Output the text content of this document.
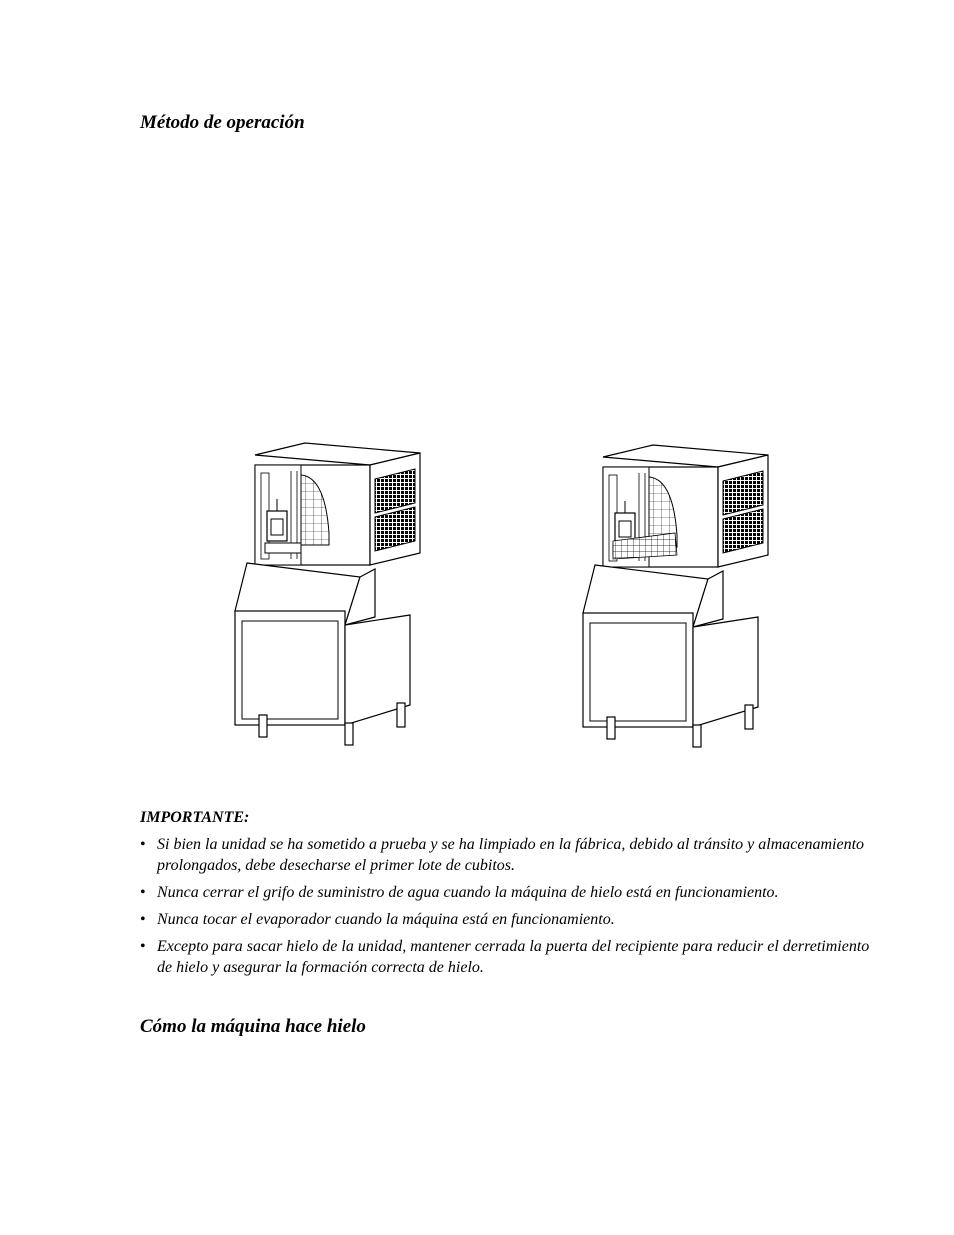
Método de operación
IMPORTANTE:
• Si bien la unidad se ha sometido a prueba y se ha limpiado en la fábrica, debido al tránsito y almacenamiento prolongados, debe desecharse el primer lote de cubitos.
• Nunca cerrar el grifo de suministro de agua cuando la máquina de hielo está en funcionamiento.
• Nunca tocar el evaporador cuando la máquina está en funcionamiento.
• Excepto para sacar hielo de la unidad, mantener cerrada la puerta del recipiente para reducir el derretimiento de hielo y asegurar la formación correcta de hielo.
Cómo la máquina hace hielo
